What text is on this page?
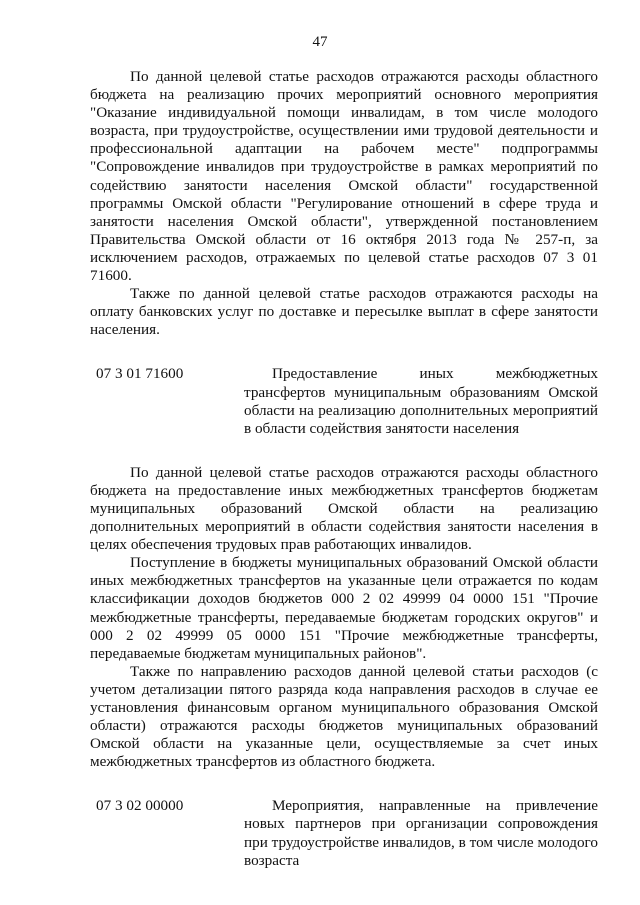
47

По данной целевой статье расходов отражаются расходы областного бюджета на реализацию прочих мероприятий основного мероприятия "Оказание индивидуальной помощи инвалидам, в том числе молодого возраста, при трудоустройстве, осуществлении ими трудовой деятельности и профессиональной адаптации на рабочем месте" подпрограммы "Сопровождение инвалидов при трудоустройстве в рамках мероприятий по содействию занятости населения Омской области" государственной программы Омской области "Регулирование отношений в сфере труда и занятости населения Омской области", утвержденной постановлением Правительства Омской области от 16 октября 2013 года № 257-п, за исключением расходов, отражаемых по целевой статье расходов 07 3 01 71600.

Также по данной целевой статье расходов отражаются расходы на оплату банковских услуг по доставке и пересылке выплат в сфере занятости населения.

07 3 01 71600	Предоставление иных межбюджетных трансфертов муниципальным образованиям Омской области на реализацию дополнительных мероприятий в области содействия занятости населения

По данной целевой статье расходов отражаются расходы областного бюджета на предоставление иных межбюджетных трансфертов бюджетам муниципальных образований Омской области на реализацию дополнительных мероприятий в области содействия занятости населения в целях обеспечения трудовых прав работающих инвалидов.

Поступление в бюджеты муниципальных образований Омской области иных межбюджетных трансфертов на указанные цели отражается по кодам классификации доходов бюджетов 000 2 02 49999 04 0000 151 "Прочие межбюджетные трансферты, передаваемые бюджетам городских округов" и 000 2 02 49999 05 0000 151 "Прочие межбюджетные трансферты, передаваемые бюджетам муниципальных районов".

Также по направлению расходов данной целевой статьи расходов (с учетом детализации пятого разряда кода направления расходов в случае ее установления финансовым органом муниципального образования Омской области) отражаются расходы бюджетов муниципальных образований Омской области на указанные цели, осуществляемые за счет иных межбюджетных трансфертов из областного бюджета.

07 3 02 00000	Мероприятия, направленные на привлечение новых партнеров при организации сопровождения при трудоустройстве инвалидов, в том числе молодого возраста
